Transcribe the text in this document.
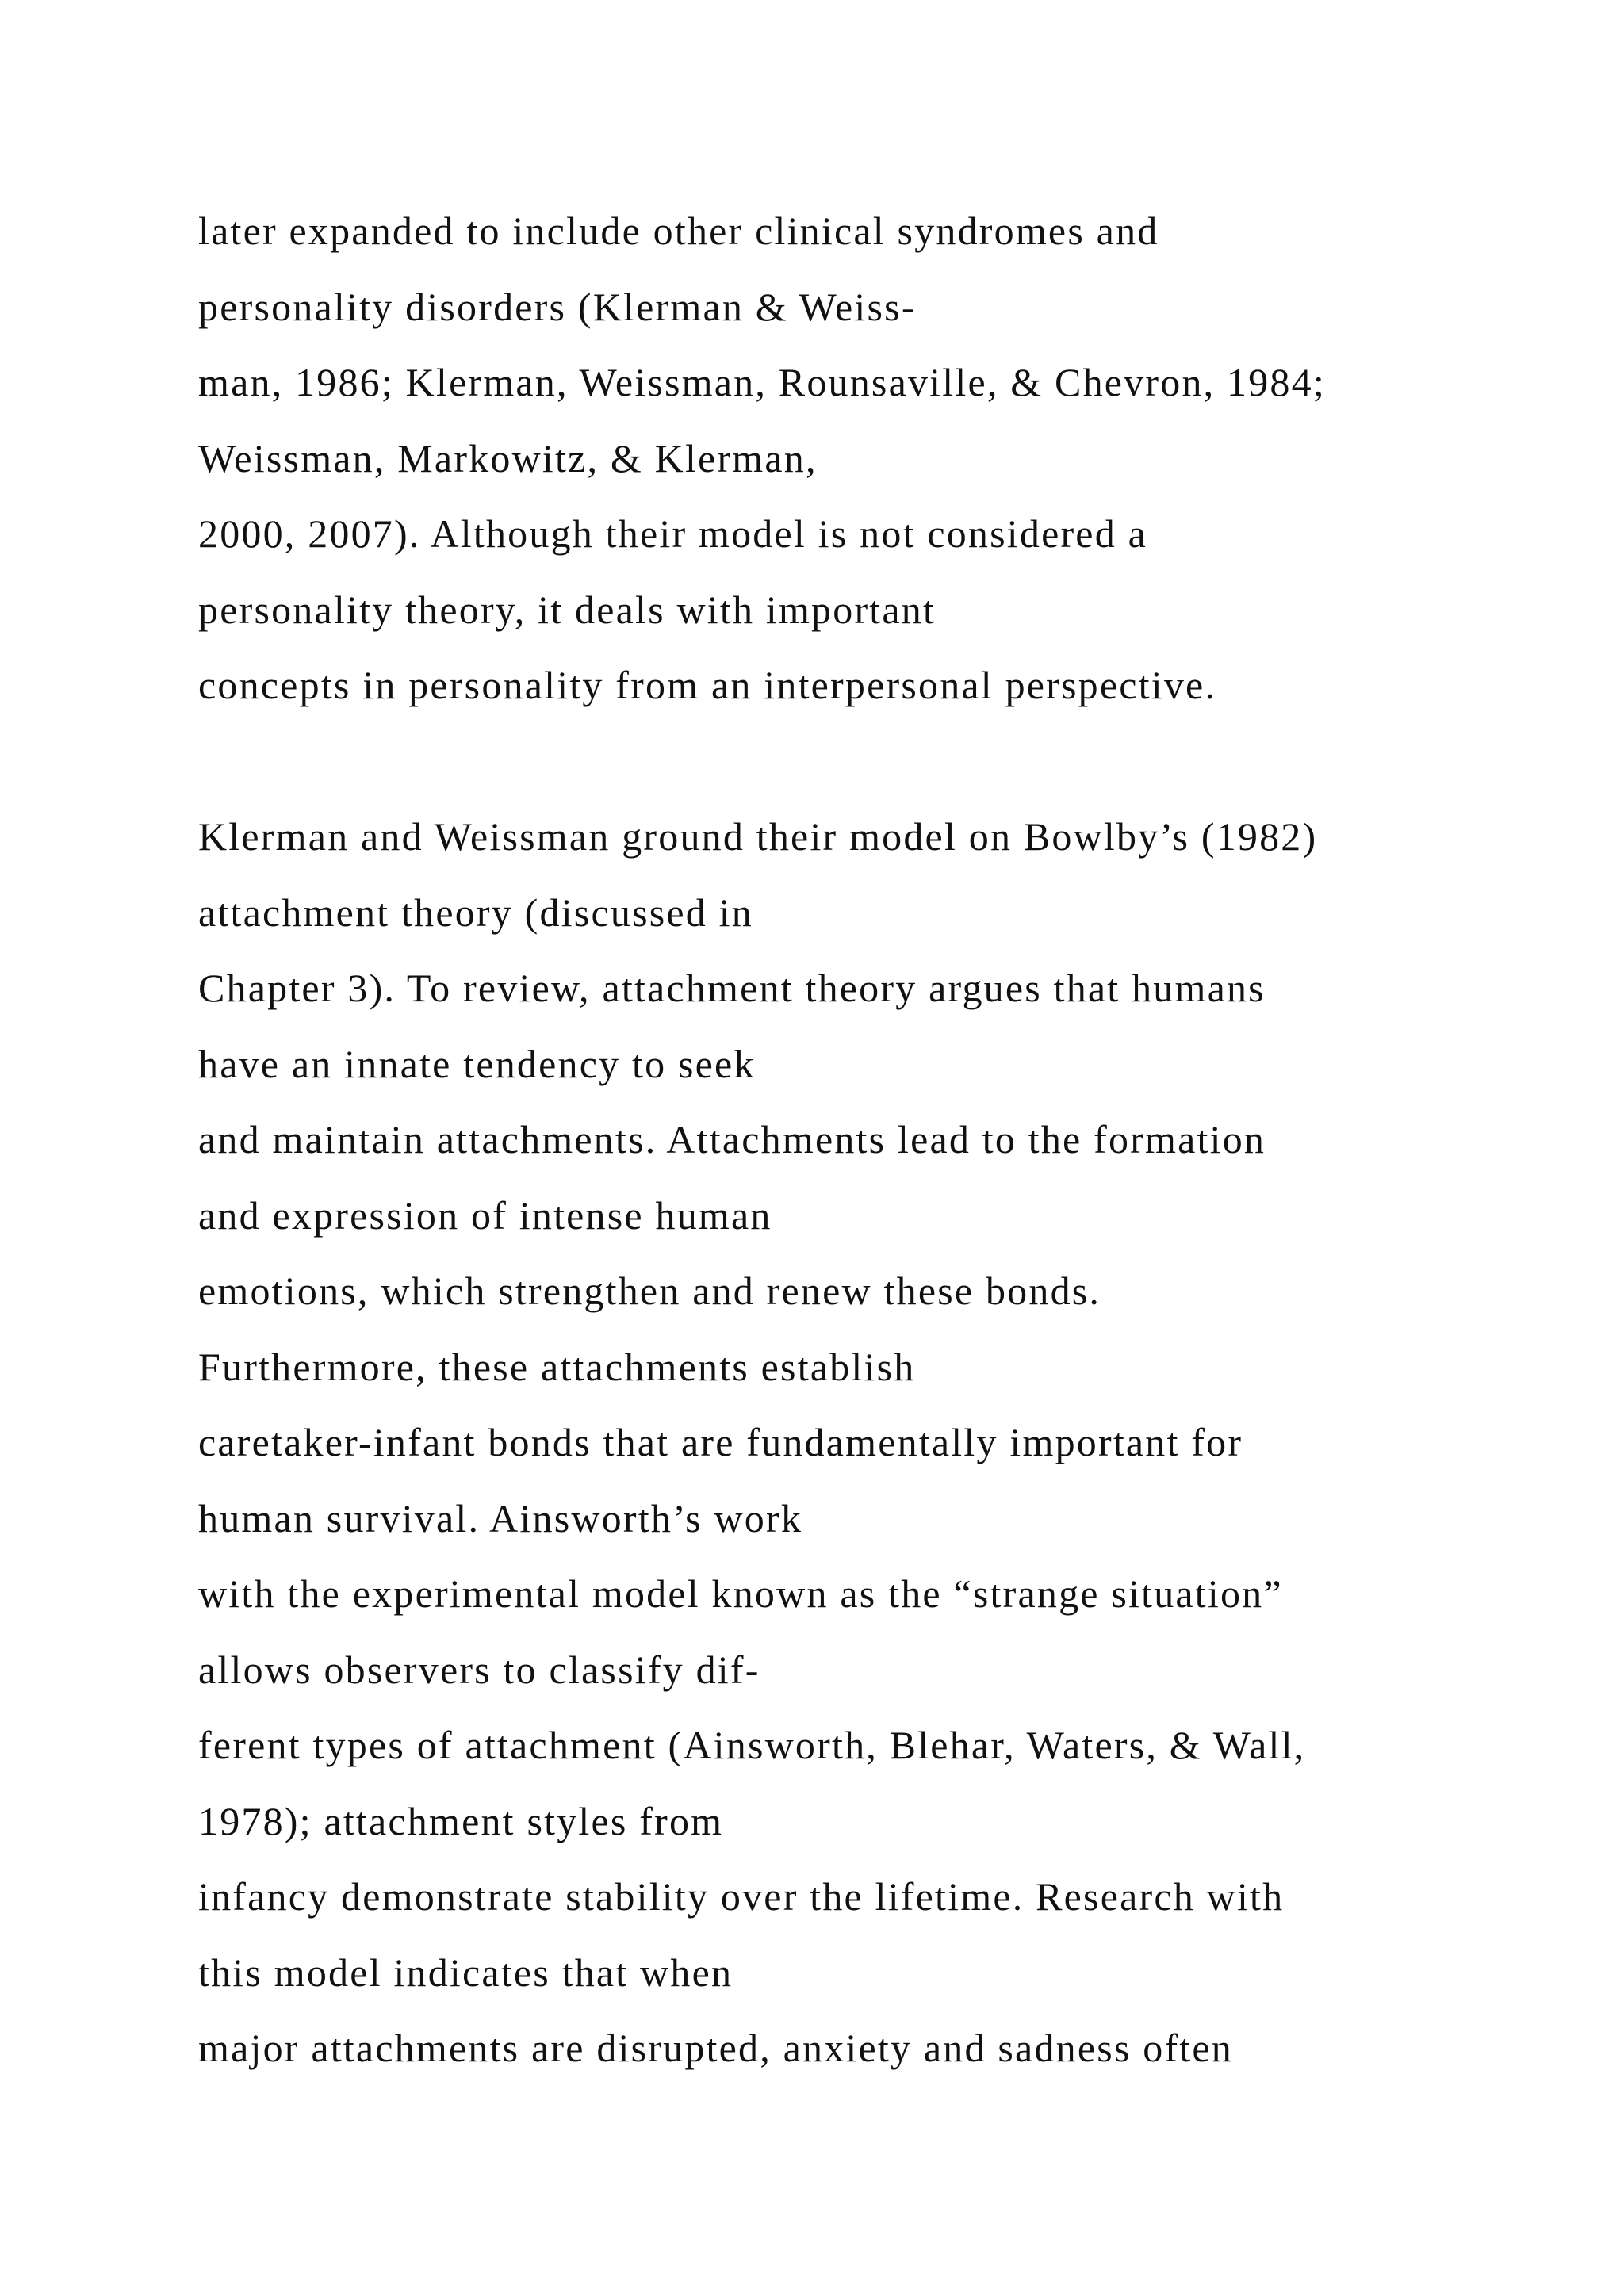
later expanded to include other clinical syndromes and
personality disorders (Klerman & Weiss-
man, 1986; Klerman, Weissman, Rounsaville, & Chevron, 1984;
Weissman, Markowitz, & Klerman,
2000, 2007). Although their model is not considered a
personality theory, it deals with important
concepts in personality from an interpersonal perspective.
Klerman and Weissman ground their model on Bowlby’s (1982)
attachment theory (discussed in
Chapter 3). To review, attachment theory argues that humans
have an innate tendency to seek
and maintain attachments. Attachments lead to the formation
and expression of intense human
emotions, which strengthen and renew these bonds.
Furthermore, these attachments establish
caretaker-infant bonds that are fundamentally important for
human survival. Ainsworth’s work
with the experimental model known as the “strange situation”
allows observers to classify dif-
ferent types of attachment (Ainsworth, Blehar, Waters, & Wall,
1978); attachment styles from
infancy demonstrate stability over the lifetime. Research with
this model indicates that when
major attachments are disrupted, anxiety and sadness often
